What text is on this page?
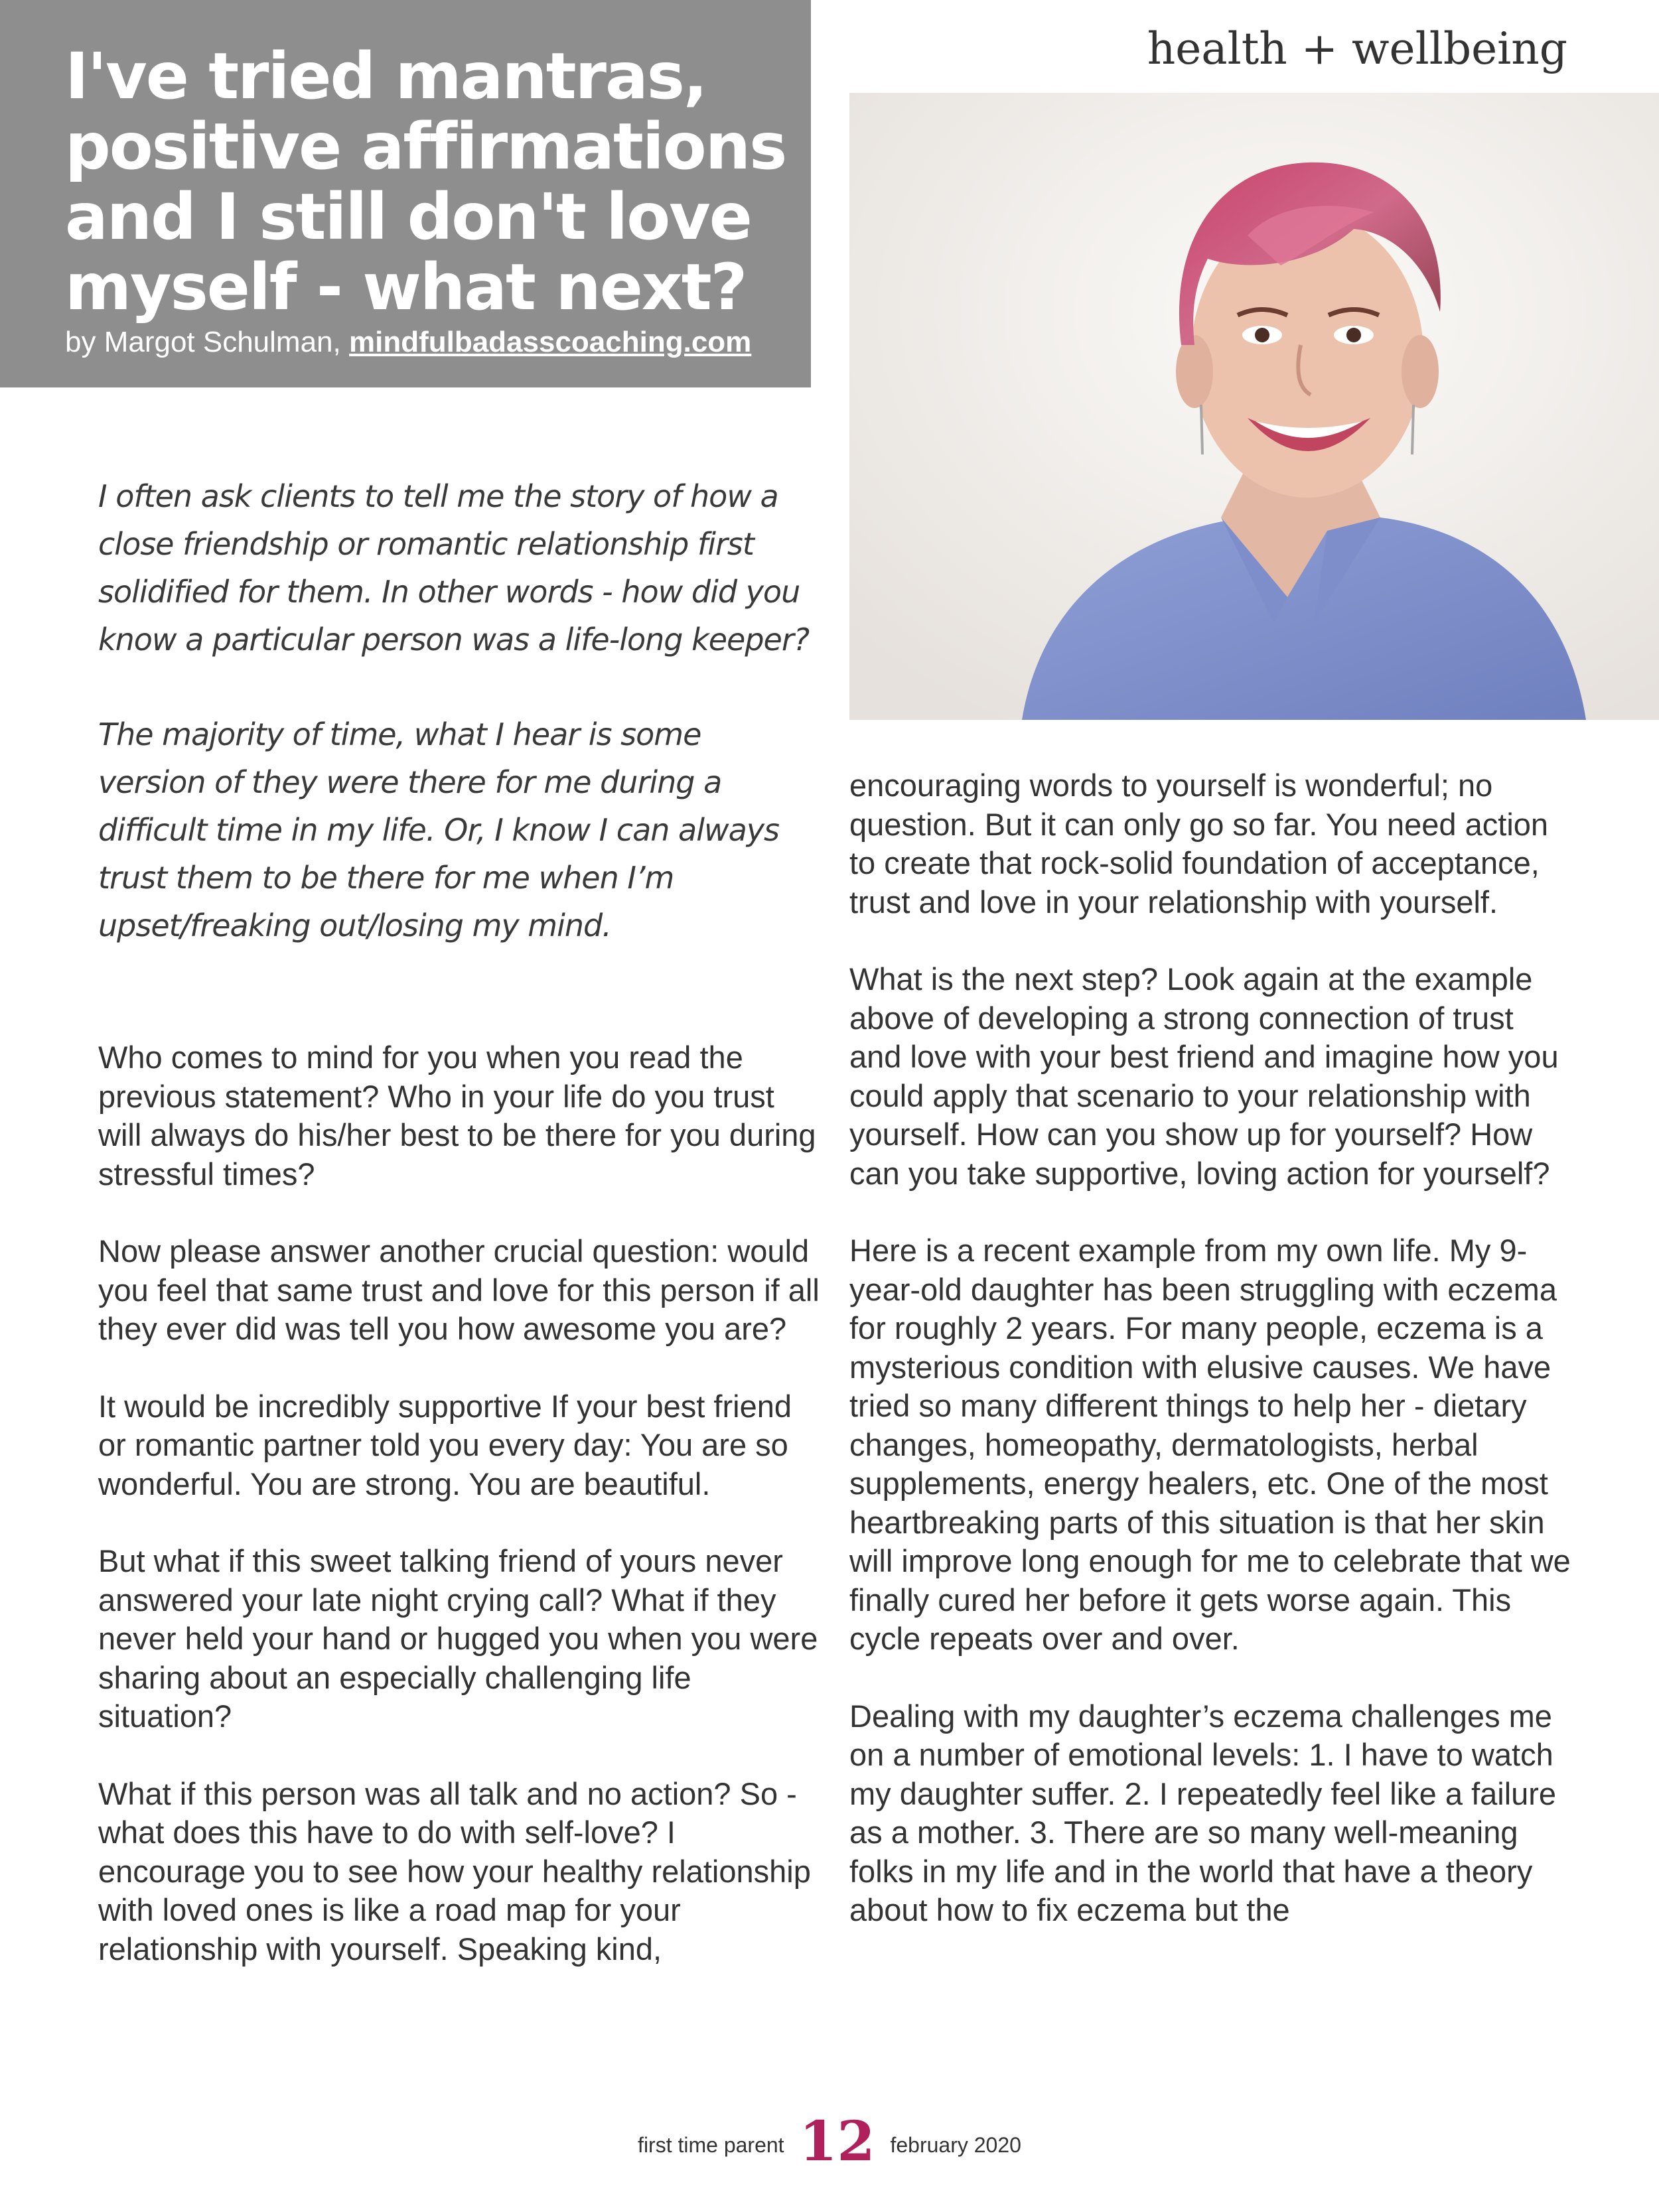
I've tried mantras,
positive affirmations
and I still don't love
myself - what next?
by Margot Schulman, mindfulbadasscoaching.com
health + wellbeing

I often ask clients to tell me the story of how a close friendship or romantic relationship first solidified for them. In other words - how did you know a particular person was a life-long keeper?

The majority of time, what I hear is some version of they were there for me during a difficult time in my life. Or, I know I can always trust them to be there for me when I’m upset/freaking out/losing my mind.

Who comes to mind for you when you read the previous statement? Who in your life do you trust will always do his/her best to be there for you during stressful times?

Now please answer another crucial question: would you feel that same trust and love for this person if all they ever did was tell you how awesome you are?

It would be incredibly supportive If your best friend or romantic partner told you every day: You are so wonderful. You are strong. You are beautiful.

But what if this sweet talking friend of yours never answered your late night crying call? What if they never held your hand or hugged you when you were sharing about an especially challenging life situation?

What if this person was all talk and no action? So - what does this have to do with self-love? I encourage you to see how your healthy relationship with loved ones is like a road map for your relationship with yourself. Speaking kind,

encouraging words to yourself is wonderful; no question. But it can only go so far. You need action to create that rock-solid foundation of acceptance, trust and love in your relationship with yourself.

What is the next step? Look again at the example above of developing a strong connection of trust and love with your best friend and imagine how you could apply that scenario to your relationship with yourself. How can you show up for yourself? How can you take supportive, loving action for yourself?

Here is a recent example from my own life. My 9-year-old daughter has been struggling with eczema for roughly 2 years. For many people, eczema is a mysterious condition with elusive causes. We have tried so many different things to help her - dietary changes, homeopathy, dermatologists, herbal supplements, energy healers, etc. One of the most heartbreaking parts of this situation is that her skin will improve long enough for me to celebrate that we finally cured her before it gets worse again. This cycle repeats over and over.

Dealing with my daughter’s eczema challenges me on a number of emotional levels: 1. I have to watch my daughter suffer. 2. I repeatedly feel like a failure as a mother. 3. There are so many well-meaning folks in my life and in the world that have a theory about how to fix eczema but the

first time parent 12 february 2020
